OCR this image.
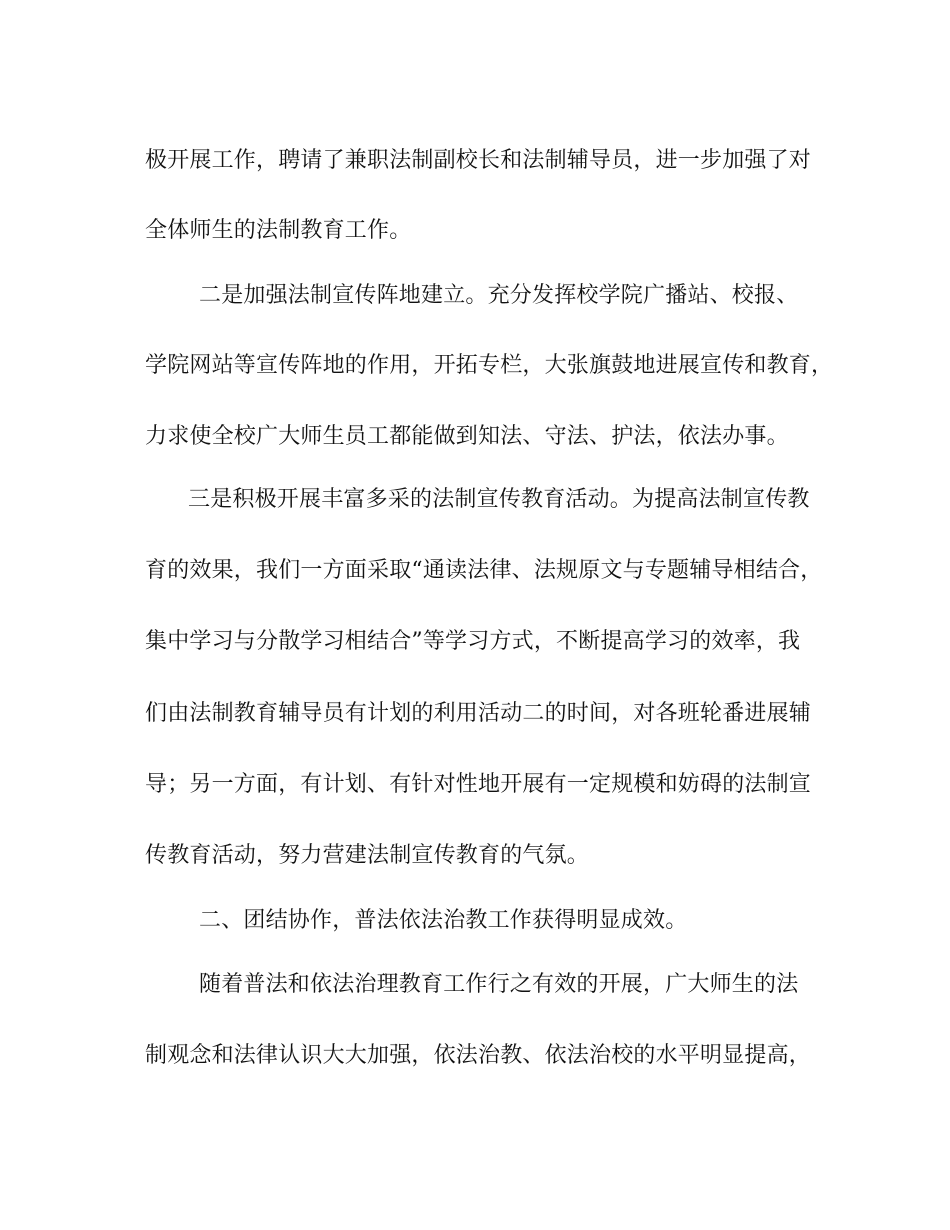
极开展工作，聘请了兼职法制副校长和法制辅导员，进一步加强了对
全体师生的法制教育工作。
二是加强法制宣传阵地建立。充分发挥校学院广播站、校报、
学院网站等宣传阵地的作用，开拓专栏，大张旗鼓地进展宣传和教育，
力求使全校广大师生员工都能做到知法、守法、护法，依法办事。
三是积极开展丰富多采的法制宣传教育活动。为提高法制宣传教
育的效果，我们一方面采取“通读法律、法规原文与专题辅导相结合，
集中学习与分散学习相结合”等学习方式，不断提高学习的效率，我
们由法制教育辅导员有计划的利用活动二的时间，对各班轮番进展辅
导；另一方面，有计划、有针对性地开展有一定规模和妨碍的法制宣
传教育活动，努力营建法制宣传教育的气氛。
二、团结协作，普法依法治教工作获得明显成效。
随着普法和依法治理教育工作行之有效的开展，广大师生的法
制观念和法律认识大大加强，依法治教、依法治校的水平明显提高，
